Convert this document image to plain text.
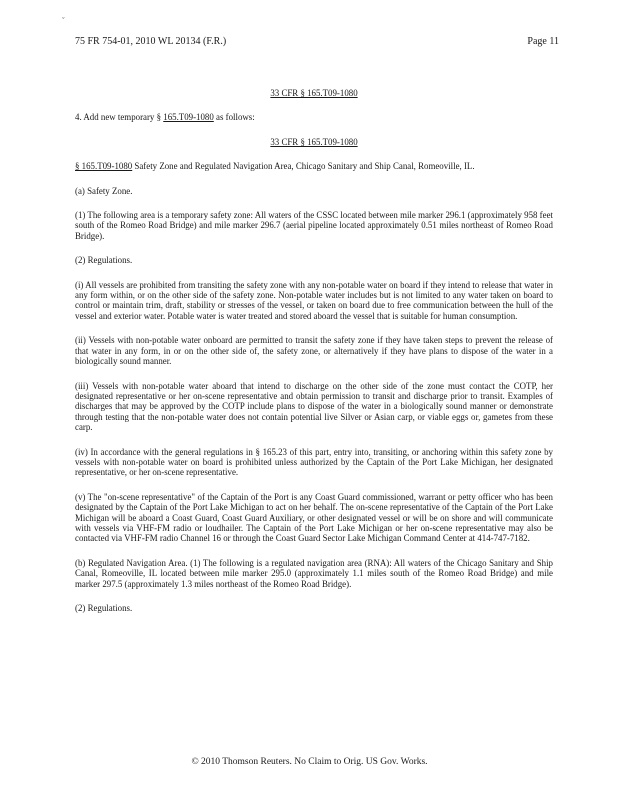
ˇ
75 FR 754-01, 2010 WL 20134 (F.R.)	Page 11

33 CFR § 165.T09-1080

4. Add new temporary § 165.T09-1080 as follows:

33 CFR § 165.T09-1080

§ 165.T09-1080 Safety Zone and Regulated Navigation Area, Chicago Sanitary and Ship Canal, Romeoville, IL.

(a) Safety Zone.

(1) The following area is a temporary safety zone: All waters of the CSSC located between mile marker 296.1 (approximately 958 feet south of the Romeo Road Bridge) and mile marker 296.7 (aerial pipeline located approximately 0.51 miles northeast of Romeo Road Bridge).

(2) Regulations.

(i) All vessels are prohibited from transiting the safety zone with any non-potable water on board if they intend to release that water in any form within, or on the other side of the safety zone. Non-potable water includes but is not limited to any water taken on board to control or maintain trim, draft, stability or stresses of the vessel, or taken on board due to free communication between the hull of the vessel and exterior water. Potable water is water treated and stored aboard the vessel that is suitable for human consumption.

(ii) Vessels with non-potable water onboard are permitted to transit the safety zone if they have taken steps to prevent the release of that water in any form, in or on the other side of, the safety zone, or alternatively if they have plans to dispose of the water in a biologically sound manner.

(iii) Vessels with non-potable water aboard that intend to discharge on the other side of the zone must contact the COTP, her designated representative or her on-scene representative and obtain permission to transit and discharge prior to transit. Examples of discharges that may be approved by the COTP include plans to dispose of the water in a biologically sound manner or demonstrate through testing that the non-potable water does not contain potential live Silver or Asian carp, or viable eggs or, gametes from these carp.

(iv) In accordance with the general regulations in § 165.23 of this part, entry into, transiting, or anchoring within this safety zone by vessels with non-potable water on board is prohibited unless authorized by the Captain of the Port Lake Michigan, her designated representative, or her on-scene representative.

(v) The "on-scene representative" of the Captain of the Port is any Coast Guard commissioned, warrant or petty officer who has been designated by the Captain of the Port Lake Michigan to act on her behalf. The on-scene representative of the Captain of the Port Lake Michigan will be aboard a Coast Guard, Coast Guard Auxiliary, or other designated vessel or will be on shore and will communicate with vessels via VHF-FM radio or loudhailer. The Captain of the Port Lake Michigan or her on-scene representative may also be contacted via VHF-FM radio Channel 16 or through the Coast Guard Sector Lake Michigan Command Center at 414-747-7182.

(b) Regulated Navigation Area. (1) The following is a regulated navigation area (RNA): All waters of the Chicago Sanitary and Ship Canal, Romeoville, IL located between mile marker 295.0 (approximately 1.1 miles south of the Romeo Road Bridge) and mile marker 297.5 (approximately 1.3 miles northeast of the Romeo Road Bridge).

(2) Regulations.

© 2010 Thomson Reuters. No Claim to Orig. US Gov. Works.
